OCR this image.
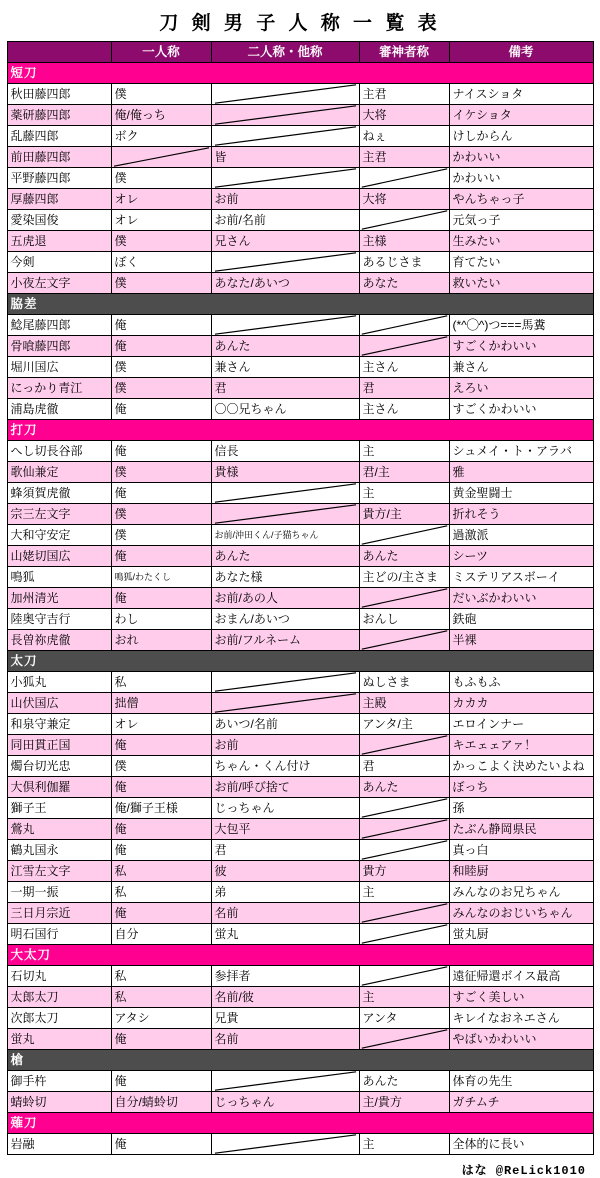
刀 剣 男 子 人 称 一 覧 表
	一人称	二人称・他称	審神者称	備考
短刀				
秋田藤四郎	僕		主君	ナイスショタ
薬研藤四郎	俺/俺っち		大将	イケショタ
乱藤四郎	ボク		ねぇ	けしからん
前田藤四郎		皆	主君	かわいい
平野藤四郎	僕			かわいい
厚藤四郎	オレ	お前	大将	やんちゃっ子
愛染国俊	オレ	お前/名前		元気っ子
五虎退	僕	兄さん	主様	生みたい
今剣	ぼく		あるじさま	育てたい
小夜左文字	僕	あなた/あいつ	あなた	救いたい
脇差				
鯰尾藤四郎	俺			(*^◯^)つ===馬糞
骨喰藤四郎	俺	あんた		すごくかわいい
堀川国広	僕	兼さん	主さん	兼さん
にっかり青江	僕	君	君	えろい
浦島虎徹	俺	〇〇兄ちゃん	主さん	すごくかわいい
打刀				
へし切長谷部	俺	信長	主	シュメイ・ト・アラバ
歌仙兼定	僕	貴様	君/主	雅
蜂須賀虎徹	俺		主	黄金聖闘士
宗三左文字	僕		貴方/主	折れそう
大和守安定	僕	お前/沖田くん/子猫ちゃん		過激派
山姥切国広	俺	あんた	あんた	シーツ
鳴狐	鳴狐/わたくし	あなた様	主どの/主さま	ミステリアスボーイ
加州清光	俺	お前/あの人		だいぶかわいい
陸奥守吉行	わし	おまん/あいつ	おんし	鉄砲
長曽祢虎徹	おれ	お前/フルネーム		半裸
太刀				
小狐丸	私		ぬしさま	もふもふ
山伏国広	拙僧		主殿	カカカ
和泉守兼定	オレ	あいつ/名前	アンタ/主	エロインナー
同田貫正国	俺	お前		キエェェアァ！
燭台切光忠	僕	ちゃん・くん付け	君	かっこよく決めたいよね
大倶利伽羅	俺	お前/呼び捨て	あんた	ぼっち
獅子王	俺/獅子王様	じっちゃん		孫
鶯丸	俺	大包平		たぶん静岡県民
鶴丸国永	俺	君		真っ白
江雪左文字	私	彼	貴方	和睦厨
一期一振	私	弟	主	みんなのお兄ちゃん
三日月宗近	俺	名前		みんなのおじいちゃん
明石国行	自分	蛍丸		蛍丸厨
大太刀				
石切丸	私	参拝者		遠征帰還ボイス最高
太郎太刀	私	名前/彼	主	すごく美しい
次郎太刀	アタシ	兄貴	アンタ	キレイなおネエさん
蛍丸	俺	名前		やばいかわいい
槍				
御手杵	俺		あんた	体育の先生
蜻蛉切	自分/蜻蛉切	じっちゃん	主/貴方	ガチムチ
薙刀				
岩融	俺		主	全体的に長い
はな @ReLick1010
